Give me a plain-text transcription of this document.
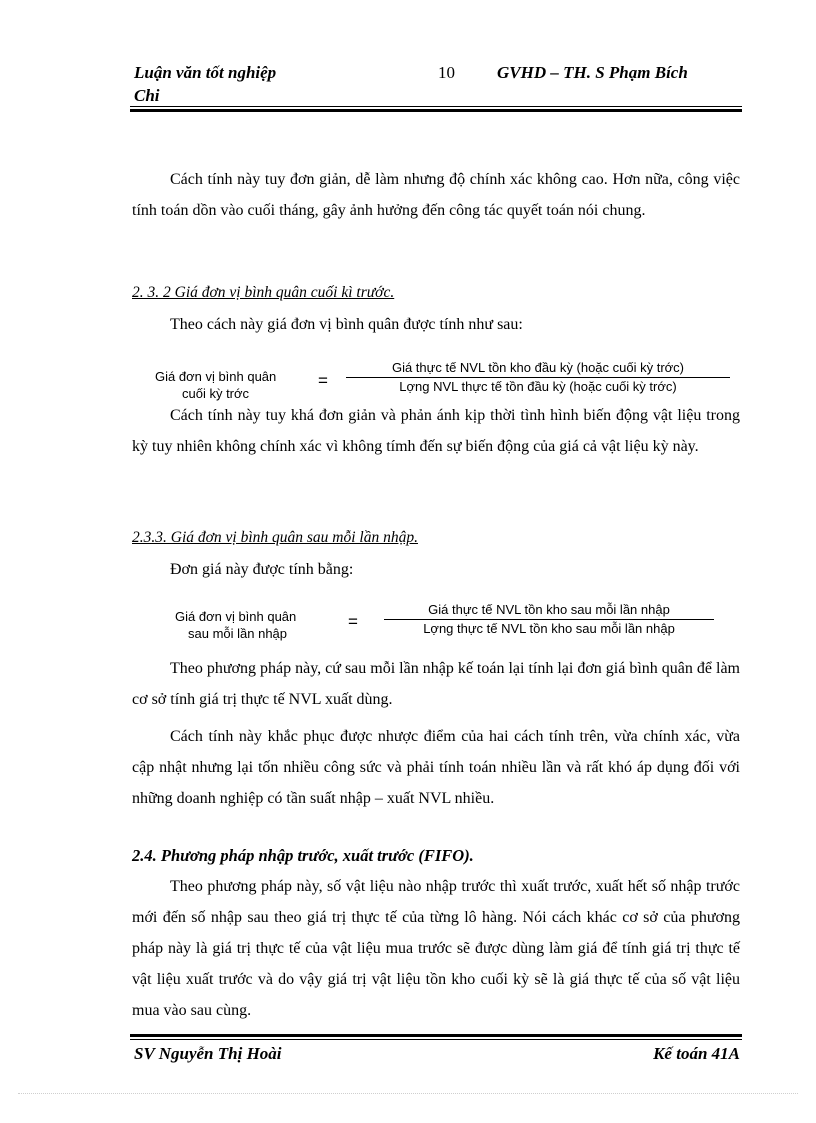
Luận văn tốt nghiệp
Chi
10 GVHD – TH. S Phạm Bích

Cách tính này tuy đơn giản, dễ làm nhưng độ chính xác không cao. Hơn nữa, công việc tính toán dồn vào cuối tháng, gây ảnh hưởng đến công tác quyết toán nói chung.

2. 3. 2 Giá đơn vị bình quân cuối kì trước.

Theo cách này giá đơn vị bình quân được tính như sau:

Giá đơn vị bình quân
cuối kỳ trớc
=
Giá thực tế NVL tồn kho đầu kỳ (hoặc cuối kỳ trớc)
Lợng NVL thực tế tồn đầu kỳ (hoặc cuối kỳ trớc)

Cách tính này tuy khá đơn giản và phản ánh kịp thời tình hình biến động vật liệu trong kỳ tuy nhiên không chính xác vì không tímh đến sự biến động của giá cả vật liệu kỳ này.

2.3.3. Giá đơn vị bình quân sau mỗi lần nhập.

Đơn giá này được tính bằng:

Giá đơn vị bình quân
sau mỗi lần nhập
=
Giá thực tế NVL tồn kho sau mỗi lần nhập
Lợng thực tế NVL tồn kho sau mỗi lần nhập

Theo phương pháp này, cứ sau mỗi lần nhập kế toán lại tính lại đơn giá bình quân để làm cơ sở tính giá trị thực tế NVL xuất dùng.

Cách tính này khắc phục được nhược điểm của hai cách tính trên, vừa chính xác, vừa cập nhật nhưng lại tốn nhiều công sức và phải tính toán nhiều lần và rất khó áp dụng đối với những doanh nghiệp có tần suất nhập – xuất NVL nhiều.

2.4. Phương pháp nhập trước, xuất trước (FIFO).

Theo phương pháp này, số vật liệu nào nhập trước thì xuất trước, xuất hết số nhập trước mới đến số nhập sau theo giá trị thực tế của từng lô hàng. Nói cách khác cơ sở của phương pháp này là giá trị thực tế của vật liệu mua trước sẽ được dùng làm giá để tính giá trị thực tế vật liệu xuất trước và do vậy giá trị vật liệu tồn kho cuối kỳ sẽ là giá thực tế của số vật liệu mua vào sau cùng.

SV Nguyễn Thị Hoài	Kế toán 41A
